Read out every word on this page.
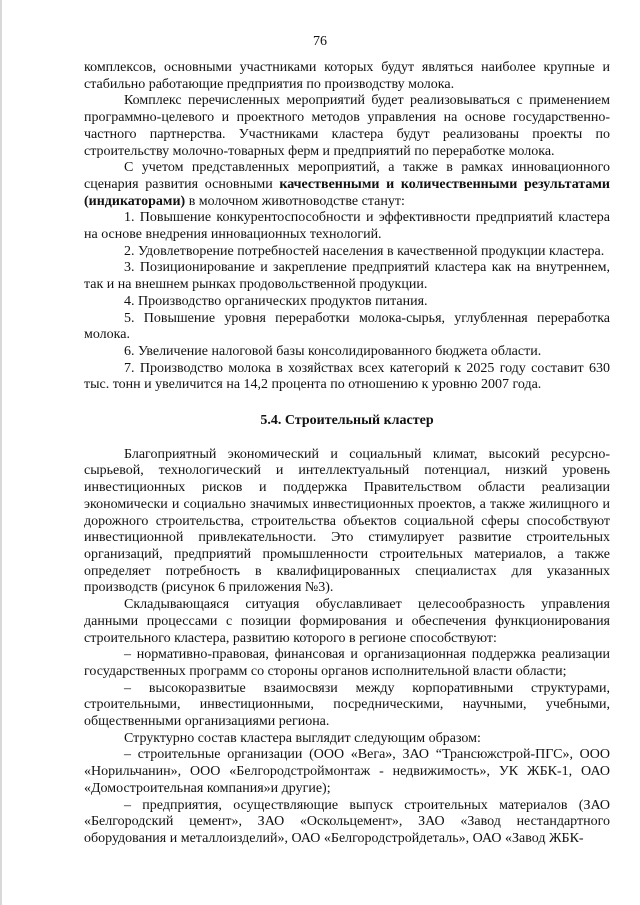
76

комплексов, основными участниками которых будут являться наиболее крупные и стабильно работающие предприятия по производству молока.

Комплекс перечисленных мероприятий будет реализовываться с применением программно-целевого и проектного методов управления на основе государственно-частного партнерства. Участниками кластера будут реализованы проекты по строительству молочно-товарных ферм и предприятий по переработке молока.

С учетом представленных мероприятий, а также в рамках инновационного сценария развития основными качественными и количественными результатами (индикаторами) в молочном животноводстве станут:

1. Повышение конкурентоспособности и эффективности предприятий кластера на основе внедрения инновационных технологий.

2. Удовлетворение потребностей населения в качественной продукции кластера.

3. Позиционирование и закрепление предприятий кластера как на внутреннем, так и на внешнем рынках продовольственной продукции.

4. Производство органических продуктов питания.

5. Повышение уровня переработки молока-сырья, углубленная переработка молока.

6. Увеличение налоговой базы консолидированного бюджета области.

7. Производство молока в хозяйствах всех категорий к 2025 году составит 630 тыс. тонн и увеличится на 14,2 процента по отношению к уровню 2007 года.

5.4. Строительный кластер

Благоприятный экономический и социальный климат, высокий ресурсно-сырьевой, технологический и интеллектуальный потенциал, низкий уровень инвестиционных рисков и поддержка Правительством области реализации экономически и социально значимых инвестиционных проектов, а также жилищного и дорожного строительства, строительства объектов социальной сферы способствуют инвестиционной привлекательности. Это стимулирует развитие строительных организаций, предприятий промышленности строительных материалов, а также определяет потребность в квалифицированных специалистах для указанных производств (рисунок 6 приложения №3).

Складывающаяся ситуация обуславливает целесообразность управления данными процессами с позиции формирования и обеспечения функционирования строительного кластера, развитию которого в регионе способствуют:

– нормативно-правовая, финансовая и организационная поддержка реализации государственных программ со стороны органов исполнительной власти области;

– высокоразвитые взаимосвязи между корпоративными структурами, строительными, инвестиционными, посредническими, научными, учебными, общественными организациями региона.

Структурно состав кластера выглядит следующим образом:

– строительные организации (ООО «Вега», ЗАО “Трансюжстрой-ПГС», ООО «Норильчанин», ООО «Белгородстроймонтаж - недвижимость», УК ЖБК-1, ОАО «Домостроительная компания»и другие);

– предприятия, осуществляющие выпуск строительных материалов (ЗАО «Белгородский цемент», ЗАО «Оскольцемент», ЗАО «Завод нестандартного оборудования и металлоизделий», ОАО «Белгородстройдеталь», ОАО «Завод ЖБК-
